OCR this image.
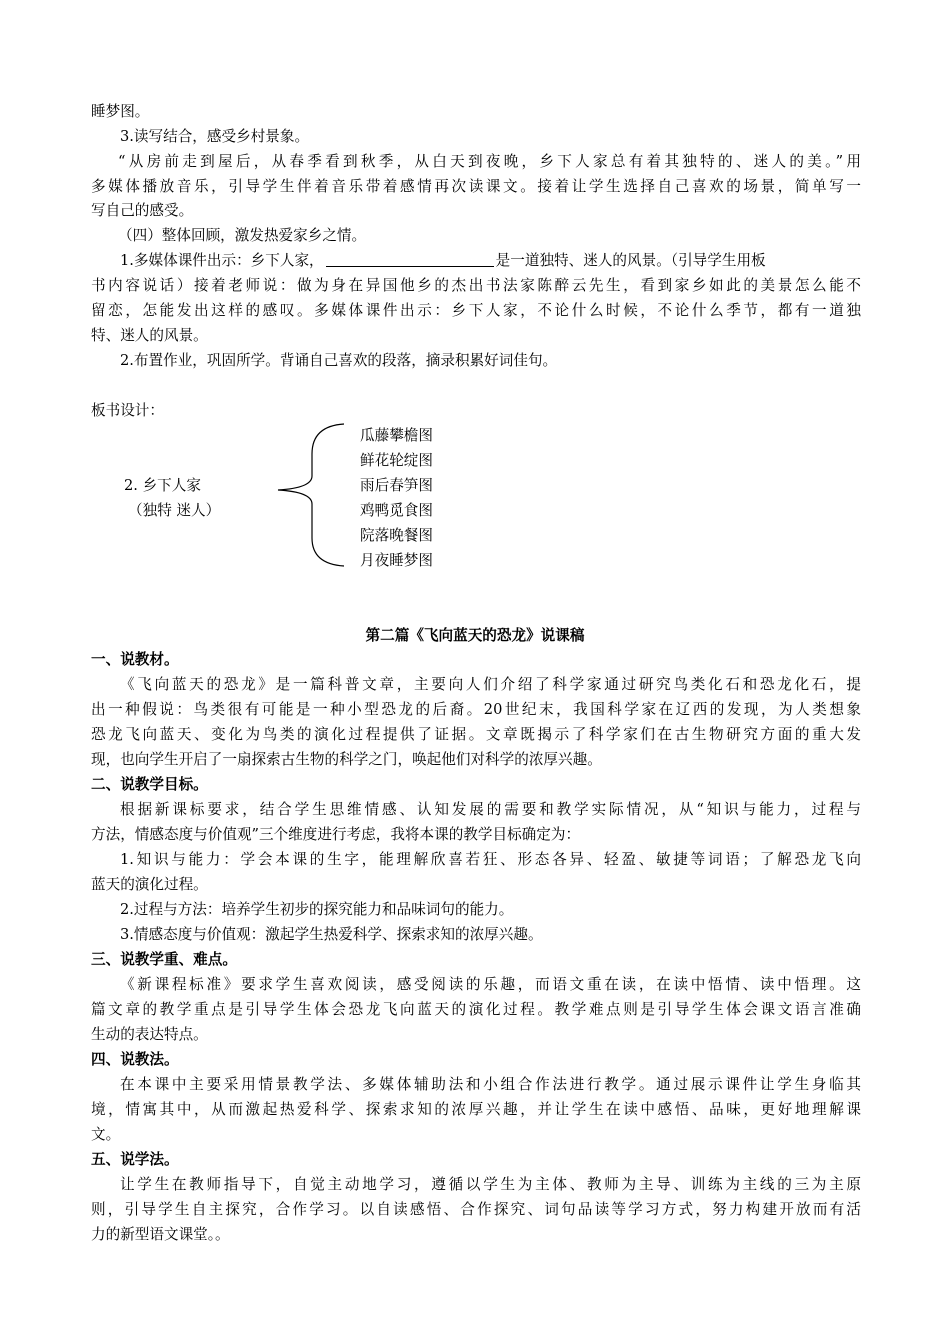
睡梦图。
3.读写结合，感受乡村景象。
“从房前走到屋后，从春季看到秋季，从白天到夜晚，乡下人家总有着其独特的、迷人的美。”用
多媒体播放音乐，引导学生伴着音乐带着感情再次读课文。接着让学生选择自己喜欢的场景，简单写一
写自己的感受。
（四）整体回顾，激发热爱家乡之情。
1.多媒体课件出示：乡下人家，	是一道独特、迷人的风景。（引导学生用板
书内容说话）接着老师说：做为身在异国他乡的杰出书法家陈醉云先生，看到家乡如此的美景怎么能不
留恋，怎能发出这样的感叹。多媒体课件出示：乡下人家，不论什么时候，不论什么季节，都有一道独
特、迷人的风景。
2.布置作业，巩固所学。背诵自己喜欢的段落，摘录积累好词佳句。
板书设计：
2. 乡下人家
（独特 迷人）
瓜藤攀檐图
鲜花轮绽图
雨后春笋图
鸡鸭觅食图
院落晚餐图
月夜睡梦图
第二篇《飞向蓝天的恐龙》说课稿
一、说教材。
《飞向蓝天的恐龙》是一篇科普文章，主要向人们介绍了科学家通过研究鸟类化石和恐龙化石，提
出一种假说：鸟类很有可能是一种小型恐龙的后裔。20世纪末，我国科学家在辽西的发现，为人类想象
恐龙飞向蓝天、变化为鸟类的演化过程提供了证据。文章既揭示了科学家们在古生物研究方面的重大发
现，也向学生开启了一扇探索古生物的科学之门，唤起他们对科学的浓厚兴趣。
二、说教学目标。
根据新课标要求，结合学生思维情感、认知发展的需要和教学实际情况，从“知识与能力，过程与
方法，情感态度与价值观”三个维度进行考虑，我将本课的教学目标确定为：
1.知识与能力：学会本课的生字，能理解欣喜若狂、形态各异、轻盈、敏捷等词语；了解恐龙飞向
蓝天的演化过程。
2.过程与方法：培养学生初步的探究能力和品味词句的能力。
3.情感态度与价值观：激起学生热爱科学、探索求知的浓厚兴趣。
三、说教学重、难点。
《新课程标准》要求学生喜欢阅读，感受阅读的乐趣，而语文重在读，在读中悟情、读中悟理。这
篇文章的教学重点是引导学生体会恐龙飞向蓝天的演化过程。教学难点则是引导学生体会课文语言准确
生动的表达特点。
四、说教法。
在本课中主要采用情景教学法、多媒体辅助法和小组合作法进行教学。通过展示课件让学生身临其
境，情寓其中，从而激起热爱科学、探索求知的浓厚兴趣，并让学生在读中感悟、品味，更好地理解课
文。
五、说学法。
让学生在教师指导下，自觉主动地学习，遵循以学生为主体、教师为主导、训练为主线的三为主原
则，引导学生自主探究，合作学习。以自读感悟、合作探究、词句品读等学习方式，努力构建开放而有活
力的新型语文课堂。。
